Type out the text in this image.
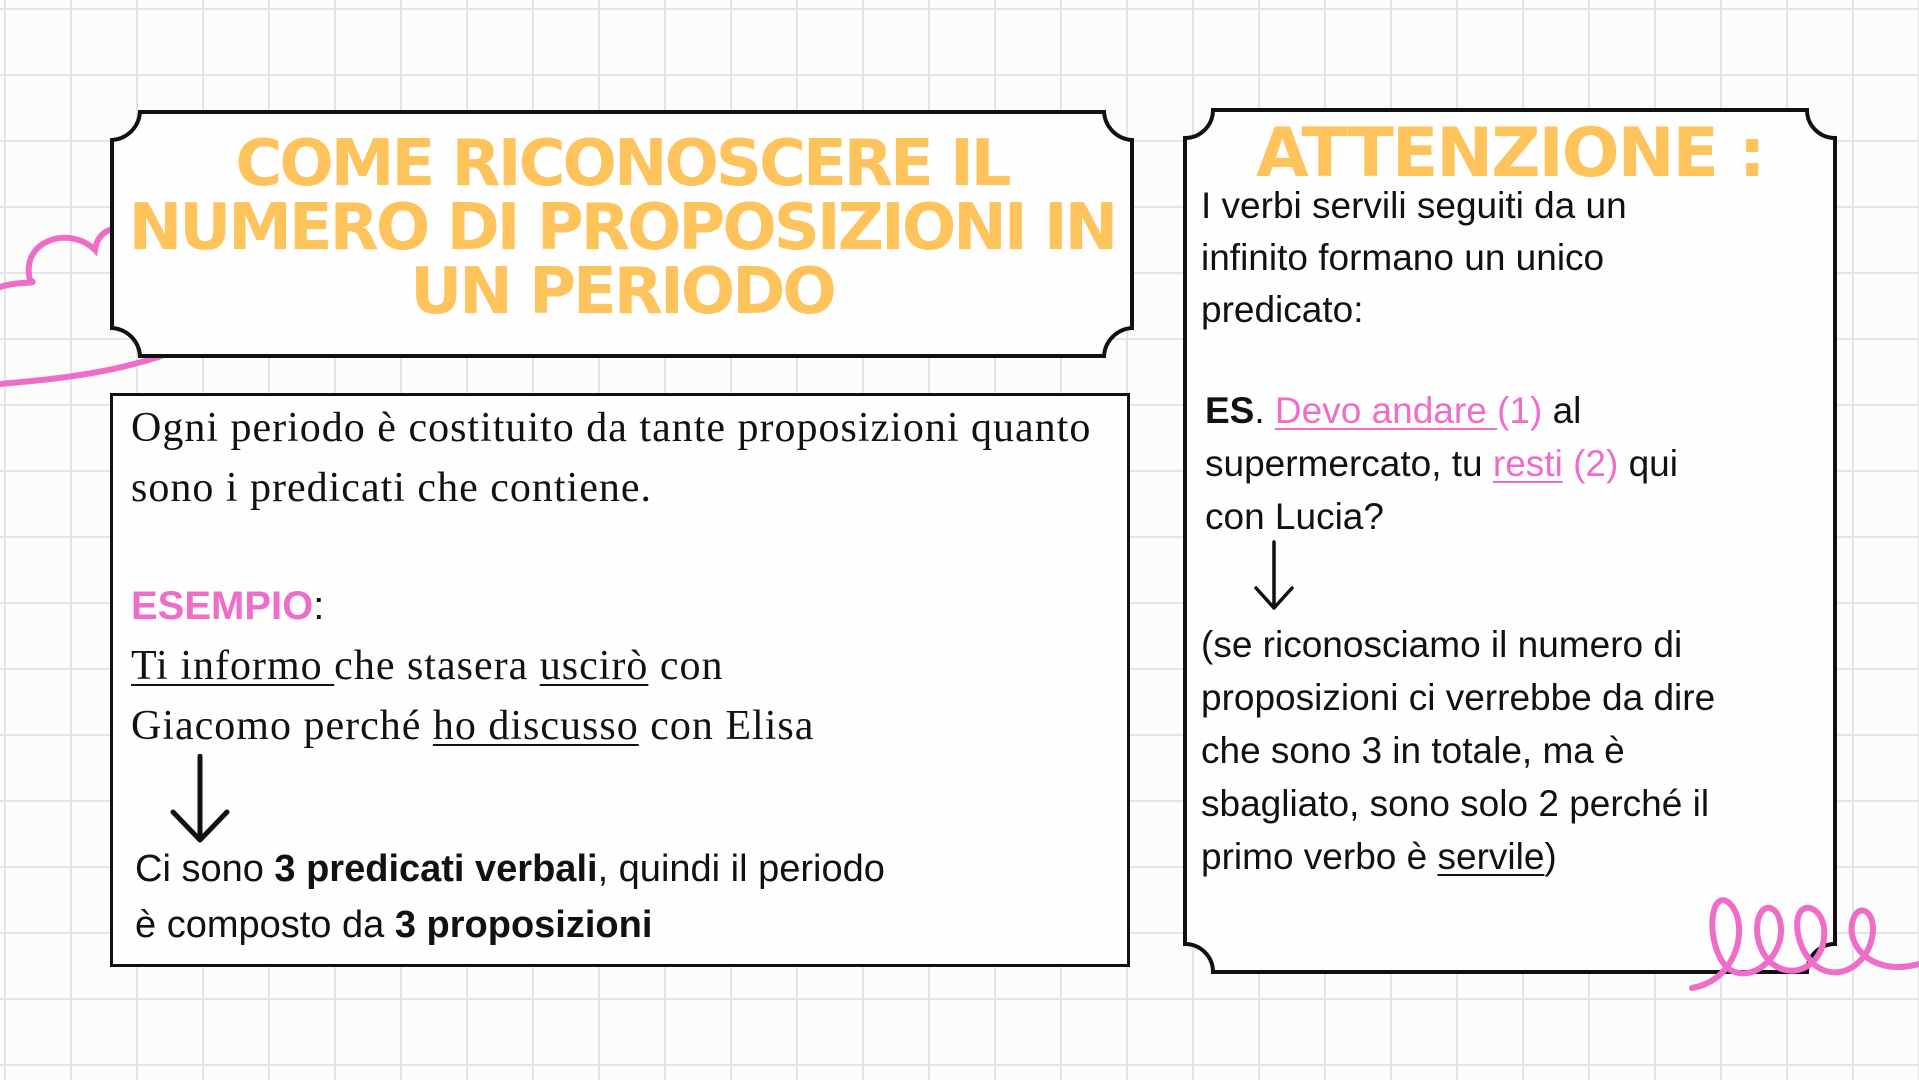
COME RICONOSCERE IL
NUMERO DI PROPOSIZIONI IN
UN PERIODO

Ogni periodo è costituito da tante proposizioni quanto sono i predicati che contiene.

ESEMPIO:

Ti informo che stasera uscirò con
Giacomo perché ho discusso con Elisa

Ci sono 3 predicati verbali, quindi il periodo
è composto da 3 proposizioni

ATTENZIONE :

I verbi servili seguiti da un
infinito formano un unico
predicato:

ES. Devo andare (1) al
supermercato, tu resti (2) qui
con Lucia?

(se riconosciamo il numero di
proposizioni ci verrebbe da dire
che sono 3 in totale, ma è
sbagliato, sono solo 2 perché il
primo verbo è servile)
